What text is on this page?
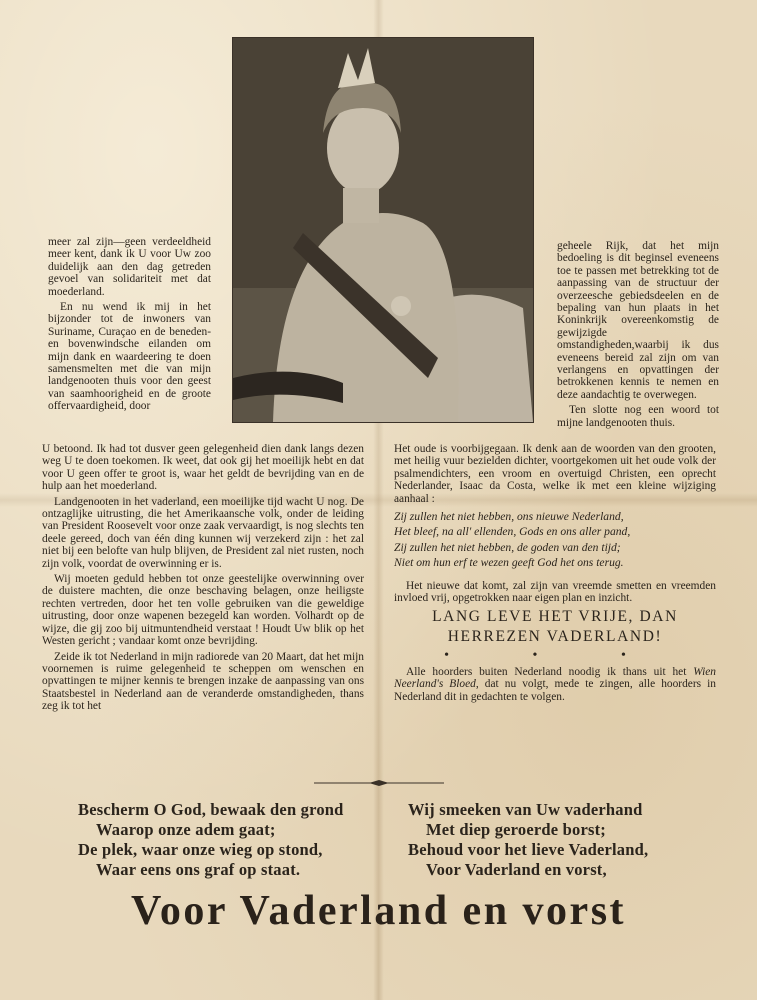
meer zal zijn—geen verdeeldheid meer kent, dank ik U voor Uw zoo duidelijk aan den dag getreden gevoel van solidariteit met dat moederland.

En nu wend ik mij in het bijzonder tot de inwoners van Suriname, Curaçao en de beneden- en bovenwindsche eilanden om mijn dank en waardeering te doen samensmelten met die van mijn landgenooten thuis voor den geest van saamhoorigheid en de groote offervaardigheid, door

geheele Rijk, dat het mijn bedoeling is dit beginsel eveneens toe te passen met betrekking tot de aanpassing van de structuur der overzeesche gebiedsdeelen en de bepaling van hun plaats in het Koninkrijk overeenkomstig de gewijzigde omstandigheden,waarbij ik dus eveneens bereid zal zijn om van verlangens en opvattingen der betrokkenen kennis te nemen en deze aandachtig te overwegen.

Ten slotte nog een woord tot mijne landgenooten thuis.

U betoond. Ik had tot dusver geen gelegenheid dien dank langs dezen weg U te doen toekomen. Ik weet, dat ook gij het moeilijk hebt en dat voor U geen offer te groot is, waar het geldt de bevrijding van en de hulp aan het moederland.

Landgenooten in het vaderland, een moeilijke tijd wacht U nog. De ontzaglijke uitrusting, die het Amerikaansche volk, onder de leiding van President Roosevelt voor onze zaak vervaardigt, is nog slechts ten deele gereed, doch van één ding kunnen wij verzekerd zijn : het zal niet bij een belofte van hulp blijven, de President zal niet rusten, noch zijn volk, voordat de overwinning er is.

Wij moeten geduld hebben tot onze geestelijke overwinning over de duistere machten, die onze beschaving belagen, onze heiligste rechten vertreden, door het ten volle gebruiken van die geweldige uitrusting, door onze wapenen bezegeld kan worden. Volhardt op de wijze, die gij zoo bij uitmuntendheid verstaat ! Houdt Uw blik op het Westen gericht ; vandaar komt onze bevrijding.

Zeide ik tot Nederland in mijn radiorede van 20 Maart, dat het mijn voornemen is ruime gelegenheid te scheppen om wenschen en opvattingen te mijner kennis te brengen inzake de aanpassing van ons Staatsbestel in Nederland aan de veranderde omstandigheden, thans zeg ik tot het

Het oude is voorbijgegaan. Ik denk aan de woorden van den grooten, met heilig vuur bezielden dichter, voortgekomen uit het oude volk der psalmendichters, een vroom en overtuigd Christen, een oprecht Nederlander, Isaac da Costa, welke ik met een kleine wijziging aanhaal :

Zij zullen het niet hebben, ons nieuwe Nederland,

Het bleef, na all' ellenden, Gods en ons aller pand,

Zij zullen het niet hebben, de goden van den tijd;

Niet om hun erf te wezen geeft God het ons terug.

Het nieuwe dat komt, zal zijn van vreemde smetten en vreemden invloed vrij, opgetrokken naar eigen plan en inzicht.

LANG LEVE HET VRIJE, DAN
HERREZEN VADERLAND!

• • •

Alle hoorders buiten Nederland noodig ik thans uit het Wien Neerland's Bloed, dat nu volgt, mede te zingen, alle hoorders in Nederland dit in gedachten te volgen.

Bescherm O God, bewaak den grond
Waarop onze adem gaat;
De plek, waar onze wieg op stond,
Waar eens ons graf op staat.
Wij smeeken van Uw vaderhand
Met diep geroerde borst;
Behoud voor het lieve Vaderland,
Voor Vaderland en vorst,
Voor Vaderland en vorst
